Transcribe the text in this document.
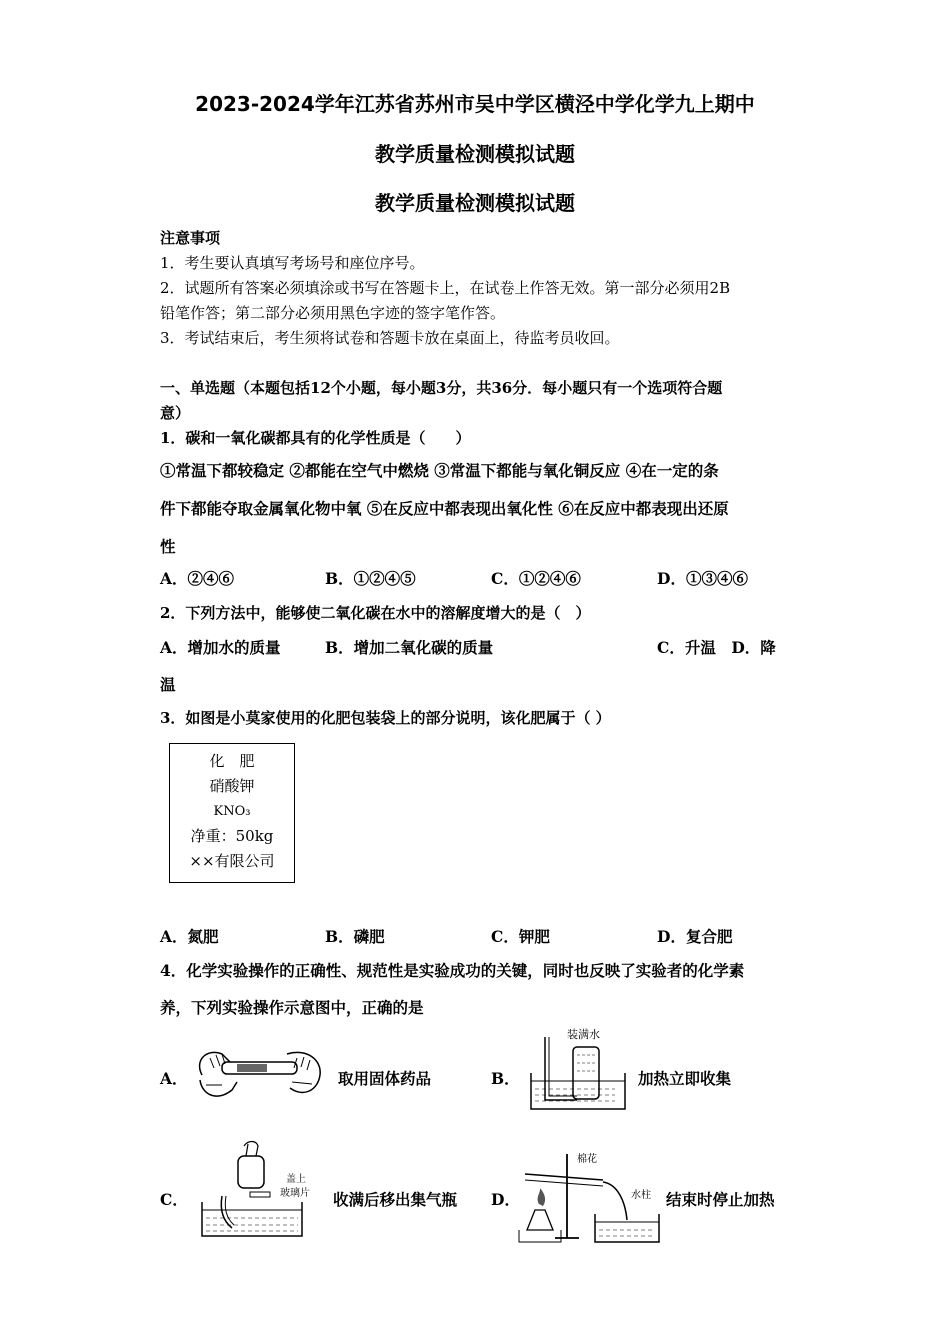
2023-2024学年江苏省苏州市吴中学区横泾中学化学九上期中
教学质量检测模拟试题
教学质量检测模拟试题
注意事项
1．考生要认真填写考场号和座位序号。
2．试题所有答案必须填涂或书写在答题卡上，在试卷上作答无效。第一部分必须用2B
铅笔作答；第二部分必须用黑色字迹的签字笔作答。
3．考试结束后，考生须将试卷和答题卡放在桌面上，待监考员收回。
一、单选题（本题包括12个小题，每小题3分，共36分．每小题只有一个选项符合题
意）
1．碳和一氧化碳都具有的化学性质是（　　）
①常温下都较稳定 ②都能在空气中燃烧 ③常温下都能与氧化铜反应 ④在一定的条
件下都能夺取金属氧化物中氧 ⑤在反应中都表现出氧化性 ⑥在反应中都表现出还原
性
A．②④⑥	B．①②④⑤	C．①②④⑥	D．①③④⑥
2．下列方法中，能够使二氧化碳在水中的溶解度增大的是（　）
A．增加水的质量	B．增加二氧化碳的质量	C．升温　D．降
温
3．如图是小莫家使用的化肥包装袋上的部分说明，该化肥属于（ ）
化　肥
硝酸钾
KNO₃
净重：50kg
××有限公司
A．氮肥	B．磷肥	C．钾肥	D．复合肥
4．化学实验操作的正确性、规范性是实验成功的关键，同时也反映了实验者的化学素
养，下列实验操作示意图中，正确的是
A．	取用固体药品	B．
装满水
加热立即收集
C．
盖上
玻璃片 收满后移出集气瓶 D．
棉花
水柱 结束时停止加热
